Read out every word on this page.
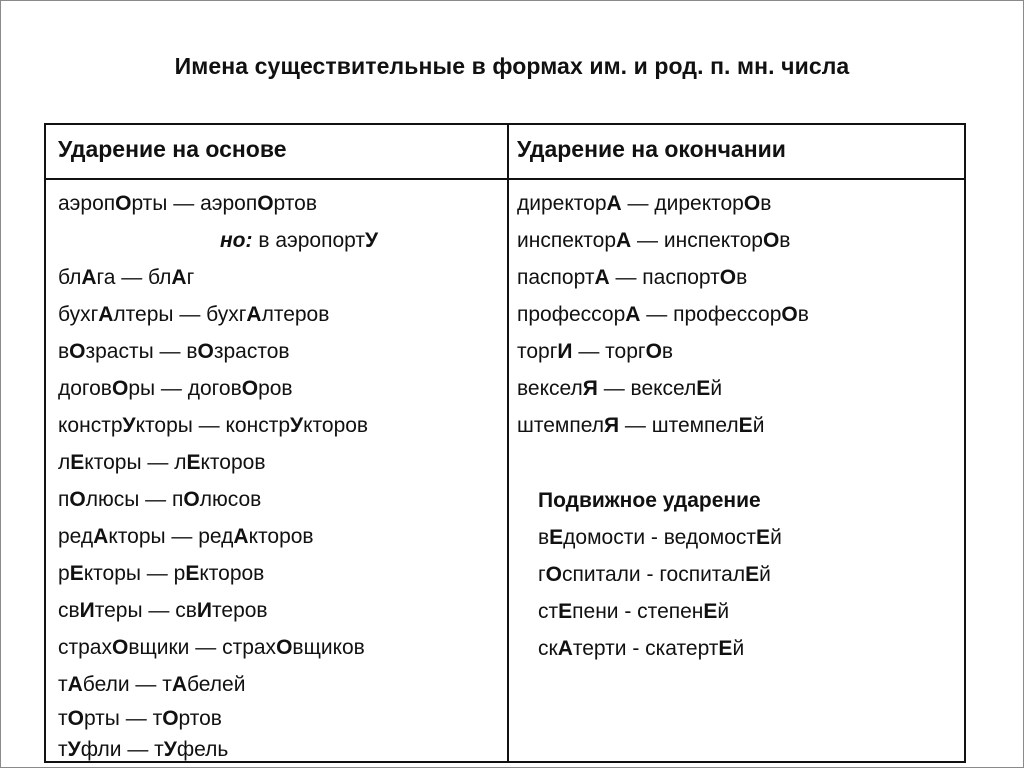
Имена существительные в формах им. и род. п. мн. числа
Ударение на основе	Ударение на окончании
аэропОрты — аэропОртов
но: в аэропортУ
блАга — блАг
бухгАлтеры — бухгАлтеров
вОзрасты — вОзрастов
договОры — договОров
констрУкторы — констрУкторов
лЕкторы — лЕкторов
пОлюсы — пОлюсов
редАкторы — редАкторов
рЕкторы — рЕкторов
свИтеры — свИтеров
страхОвщики — страхОвщиков
тАбели — тАбелей
тОрты — тОртов
тУфли — тУфель
директорА — директорОв
инспекторА — инспекторОв
паспортА — паспортОв
профессорА — профессорОв
торгИ — торгОв
векселЯ — векселЕй
штемпелЯ — штемпелЕй
Подвижное ударение
вЕдомости - ведомостЕй
гОспитали - госпиталЕй
стЕпени - степенЕй
скАтерти - скатертЕй
